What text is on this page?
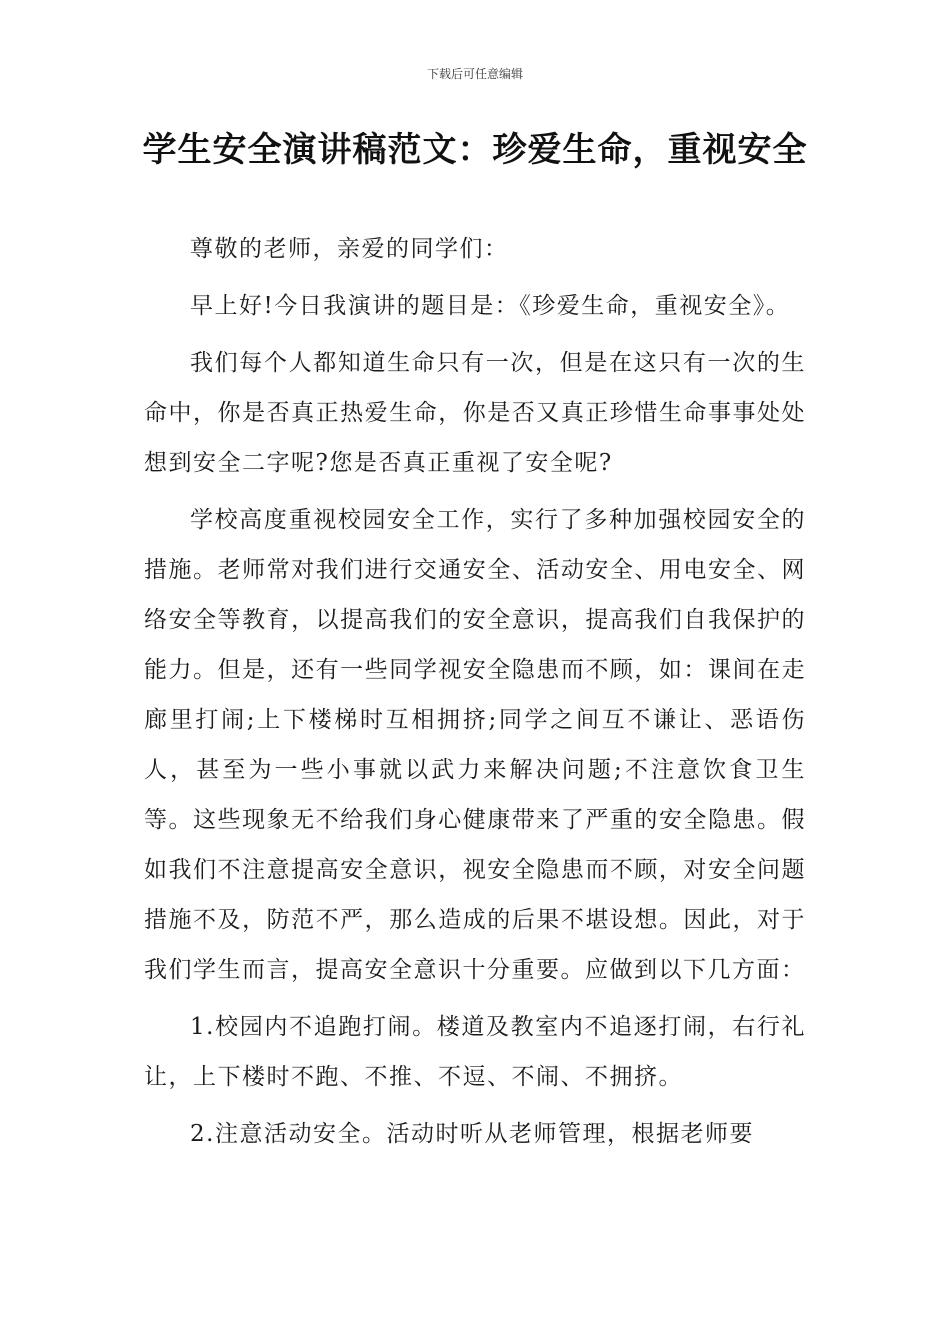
下载后可任意编辑
学生安全演讲稿范文：珍爱生命，重视安全

尊敬的老师，亲爱的同学们：

早上好!今日我演讲的题目是：《珍爱生命，重视安全》。

我们每个人都知道生命只有一次，但是在这只有一次的生命中，你是否真正热爱生命，你是否又真正珍惜生命事事处处想到安全二字呢?您是否真正重视了安全呢?

学校高度重视校园安全工作，实行了多种加强校园安全的措施。老师常对我们进行交通安全、活动安全、用电安全、网络安全等教育，以提高我们的安全意识，提高我们自我保护的能力。但是，还有一些同学视安全隐患而不顾，如：课间在走廊里打闹;上下楼梯时互相拥挤;同学之间互不谦让、恶语伤人，甚至为一些小事就以武力来解决问题;不注意饮食卫生等。这些现象无不给我们身心健康带来了严重的安全隐患。假如我们不注意提高安全意识，视安全隐患而不顾，对安全问题措施不及，防范不严，那么造成的后果不堪设想。因此，对于我们学生而言，提高安全意识十分重要。应做到以下几方面：

1.校园内不追跑打闹。楼道及教室内不追逐打闹，右行礼让，上下楼时不跑、不推、不逗、不闹、不拥挤。

2.注意活动安全。活动时听从老师管理，根据老师要
